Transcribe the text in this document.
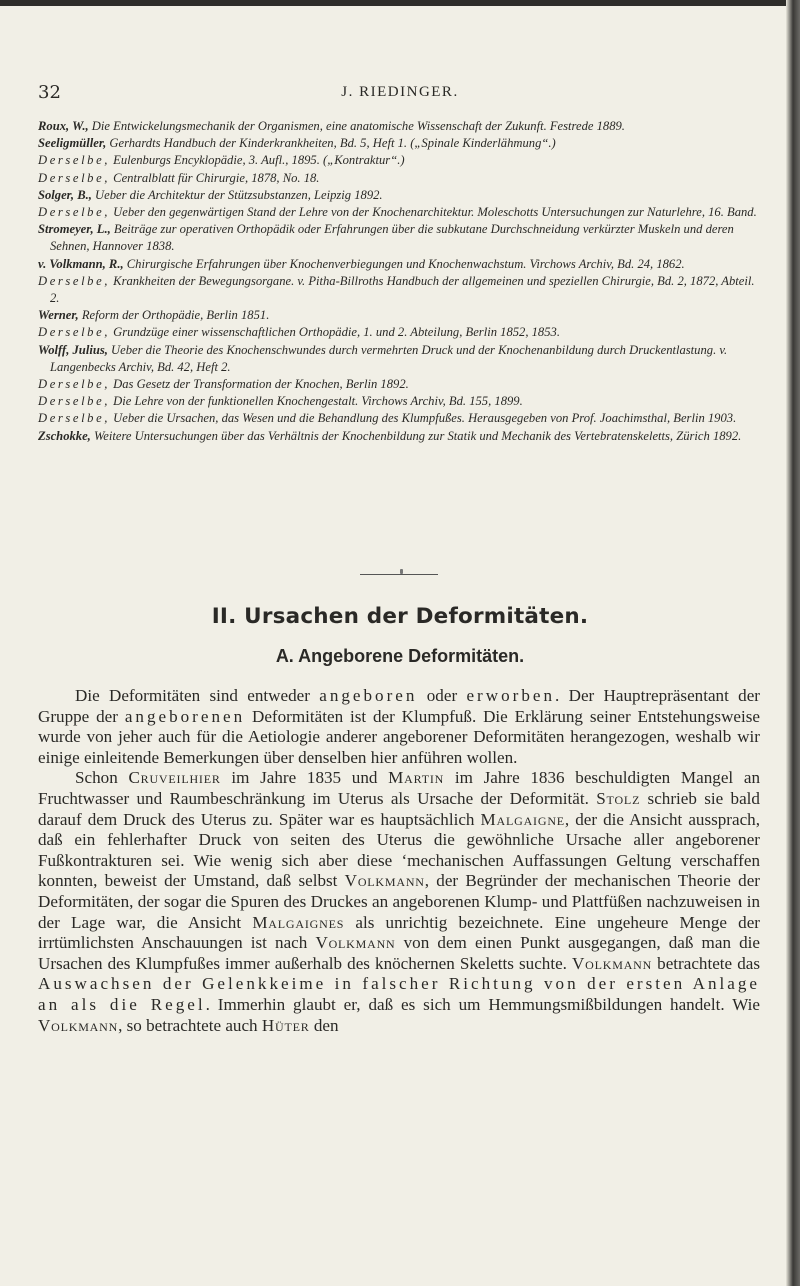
32	J. RIEDINGER.

Roux, W., Die Entwickelungsmechanik der Organismen, eine anatomische Wissenschaft der Zukunft. Festrede 1889.

Seeligmüller, Gerhardts Handbuch der Kinderkrankheiten, Bd. 5, Heft 1. („Spinale Kinderlähmung“.)

Derselbe, Eulenburgs Encyklopädie, 3. Aufl., 1895. („Kontraktur“.)

Derselbe, Centralblatt für Chirurgie, 1878, No. 18.

Solger, B., Ueber die Architektur der Stützsubstanzen, Leipzig 1892.

Derselbe, Ueber den gegenwärtigen Stand der Lehre von der Knochenarchitektur. Moleschotts Untersuchungen zur Naturlehre, 16. Band.

Stromeyer, L., Beiträge zur operativen Orthopädik oder Erfahrungen über die subkutane Durchschneidung verkürzter Muskeln und deren Sehnen, Hannover 1838.

v. Volkmann, R., Chirurgische Erfahrungen über Knochenverbiegungen und Knochenwachstum. Virchows Archiv, Bd. 24, 1862.

Derselbe, Krankheiten der Bewegungsorgane. v. Pitha-Billroths Handbuch der allgemeinen und speziellen Chirurgie, Bd. 2, 1872, Abteil. 2.

Werner, Reform der Orthopädie, Berlin 1851.

Derselbe, Grundzüge einer wissenschaftlichen Orthopädie, 1. und 2. Abteilung, Berlin 1852, 1853.

Wolff, Julius, Ueber die Theorie des Knochenschwundes durch vermehrten Druck und der Knochenanbildung durch Druckentlastung. v. Langenbecks Archiv, Bd. 42, Heft 2.

Derselbe, Das Gesetz der Transformation der Knochen, Berlin 1892.

Derselbe, Die Lehre von der funktionellen Knochengestalt. Virchows Archiv, Bd. 155, 1899.

Derselbe, Ueber die Ursachen, das Wesen und die Behandlung des Klumpfußes. Herausgegeben von Prof. Joachimsthal, Berlin 1903.

Zschokke, Weitere Untersuchungen über das Verhältnis der Knochenbildung zur Statik und Mechanik des Vertebratenskeletts, Zürich 1892.

II. Ursachen der Deformitäten.
A. Angeborene Deformitäten.

Die Deformitäten sind entweder angeboren oder erworben. Der Hauptrepräsentant der Gruppe der angeborenen Deformitäten ist der Klumpfuß. Die Erklärung seiner Entstehungsweise wurde von jeher auch für die Aetiologie anderer angeborener Deformitäten herangezogen, weshalb wir einige einleitende Bemerkungen über denselben hier anführen wollen.

Schon Cruveilhier im Jahre 1835 und Martin im Jahre 1836 beschuldigten Mangel an Fruchtwasser und Raumbeschränkung im Uterus als Ursache der Deformität. Stolz schrieb sie bald darauf dem Druck des Uterus zu. Später war es hauptsächlich Malgaigne, der die Ansicht aussprach, daß ein fehlerhafter Druck von seiten des Uterus die gewöhnliche Ursache aller angeborener Fußkontrakturen sei. Wie wenig sich aber diese ‘mechanischen Auffassungen Geltung verschaffen konnten, beweist der Umstand, daß selbst Volkmann, der Begründer der mechanischen Theorie der Deformitäten, der sogar die Spuren des Druckes an angeborenen Klump- und Plattfüßen nachzuweisen in der Lage war, die Ansicht Malgaignes als unrichtig bezeichnete. Eine ungeheure Menge der irrtümlichsten Anschauungen ist nach Volkmann von dem einen Punkt ausgegangen, daß man die Ursachen des Klumpfußes immer außerhalb des knöchernen Skeletts suchte. Volkmann betrachtete das Auswachsen der Gelenkkeime in falscher Richtung von der ersten Anlage an als die Regel. Immerhin glaubt er, daß es sich um Hemmungsmißbildungen handelt. Wie Volkmann, so betrachtete auch Hüter den
